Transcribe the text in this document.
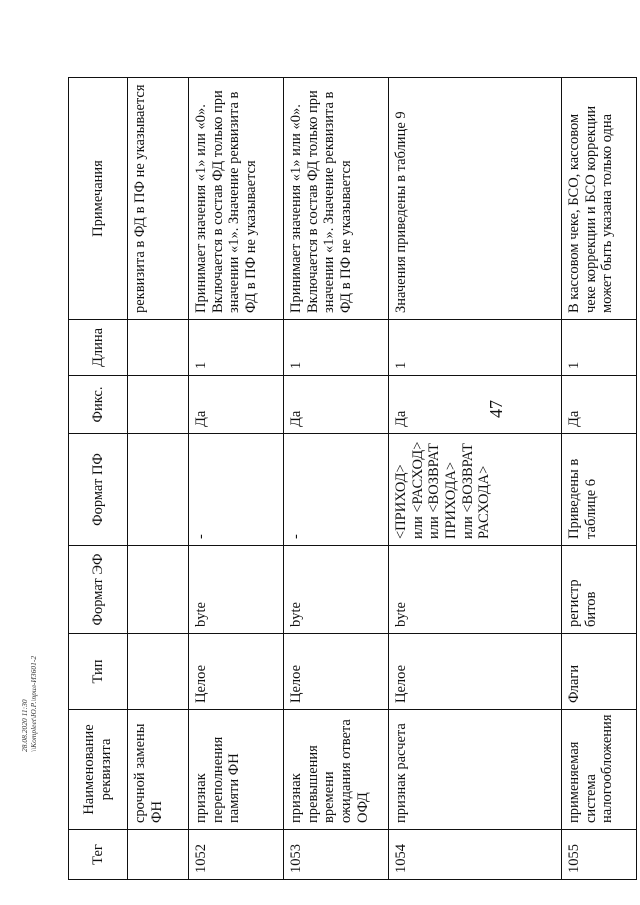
47
Тег	Наименование реквизита	Тип	Формат ЭФ	Формат ПФ	Фикс.	Длина	Примечания
	срочной замены ФН						реквизита в ФД в ПФ не указывается
1052	признак переполнения памяти ФН	Целое	byte	-	Да	1	Принимает значения «1» или «0». Включается в состав ФД только при значении «1». Значение реквизита в ФД в ПФ не указывается
1053	признак превышения времени ожидания ответа ОФД	Целое	byte	-	Да	1	Принимает значения «1» или «0». Включается в состав ФД только при значении «1». Значение реквизита в ФД в ПФ не указывается
1054	признак расчета	Целое	byte	<ПРИХОД> или <РАСХОД> или <ВОЗВРАТ ПРИХОДА> или <ВОЗВРАТ РАСХОДА>	Да	1	Значения приведены в таблице 9
1055	применяемая система налогообложения	Флаги	регистр битов	Приведены в таблице 6	Да	1	В кассовом чеке, БСО, кассовом чеке коррекции и БСО коррекции может быть указана только одна
28.08.2020 11:30 \\Kompleet\Ю.Р.\прил-И3601-2
